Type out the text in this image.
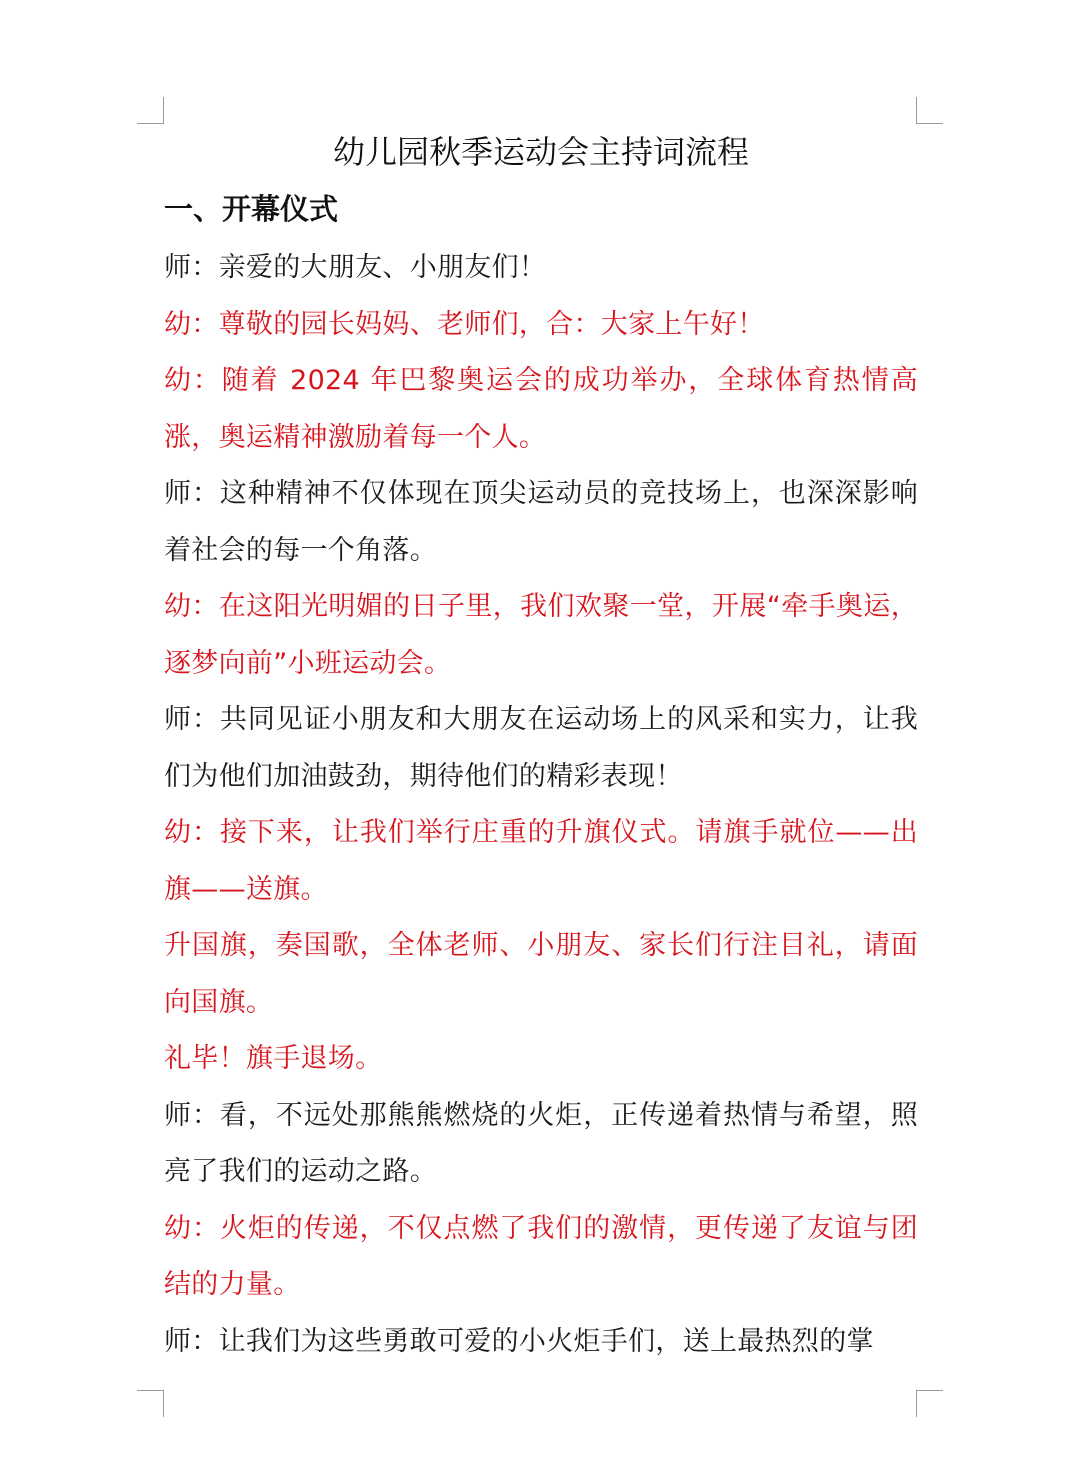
幼儿园秋季运动会主持词流程
一、开幕仪式

师：亲爱的大朋友、小朋友们！

幼：尊敬的园长妈妈、老师们，合：大家上午好！

幼：随着 2024 年巴黎奥运会的成功举办，全球体育热情高涨，奥运精神激励着每一个人。

师：这种精神不仅体现在顶尖运动员的竞技场上，也深深影响着社会的每一个角落。

幼：在这阳光明媚的日子里，我们欢聚一堂，开展“牵手奥运，逐梦向前”小班运动会。

师：共同见证小朋友和大朋友在运动场上的风采和实力，让我们为他们加油鼓劲，期待他们的精彩表现！

幼：接下来，让我们举行庄重的升旗仪式。请旗手就位——出旗——送旗。

升国旗，奏国歌，全体老师、小朋友、家长们行注目礼，请面向国旗。

礼毕！旗手退场。

师：看，不远处那熊熊燃烧的火炬，正传递着热情与希望，照亮了我们的运动之路。

幼：火炬的传递，不仅点燃了我们的激情，更传递了友谊与团结的力量。

师：让我们为这些勇敢可爱的小火炬手们，送上最热烈的掌
